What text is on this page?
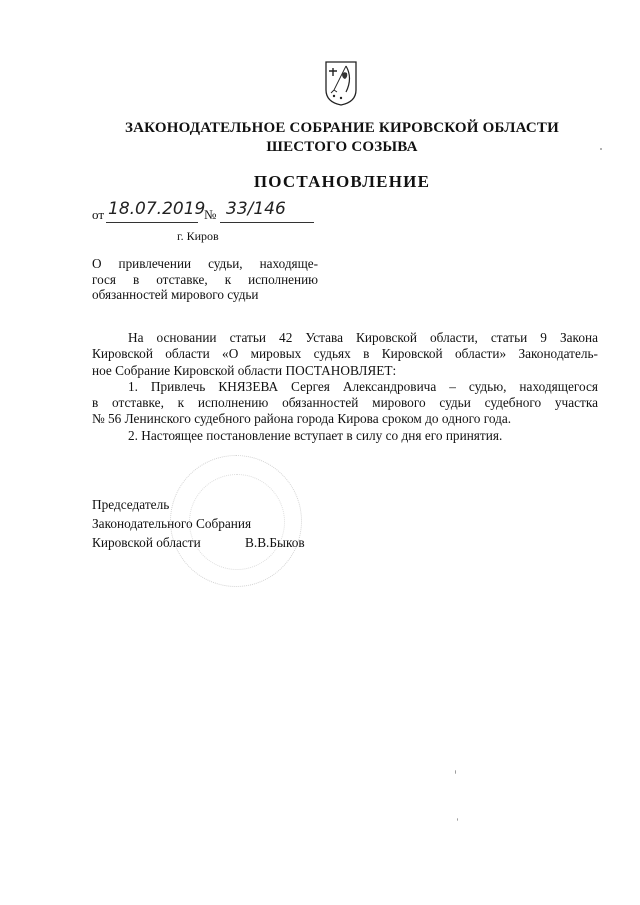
ЗАКОНОДАТЕЛЬНОЕ СОБРАНИЕ КИРОВСКОЙ ОБЛАСТИ
ШЕСТОГО СОЗЫВА
ПОСТАНОВЛЕНИЕ
от 18.07.2019
№ 33/146
г. Киров
О привлечении судьи, находяще-
гося в отставке, к исполнению
обязанностей мирового судьи
На основании статьи 42 Устава Кировской области, статьи 9 Закона
Кировской области «О мировых судьях в Кировской области» Законодатель-
ное Собрание Кировской области ПОСТАНОВЛЯЕТ:
1. Привлечь КНЯЗЕВА Сергея Александровича – судью, находящегося
в отставке, к исполнению обязанностей мирового судьи судебного участка
№ 56 Ленинского судебного района города Кирова сроком до одного года.
2. Настоящее постановление вступает в силу со дня его принятия.
Председатель
Законодательного Собрания
Кировской области	В.В.Быков
